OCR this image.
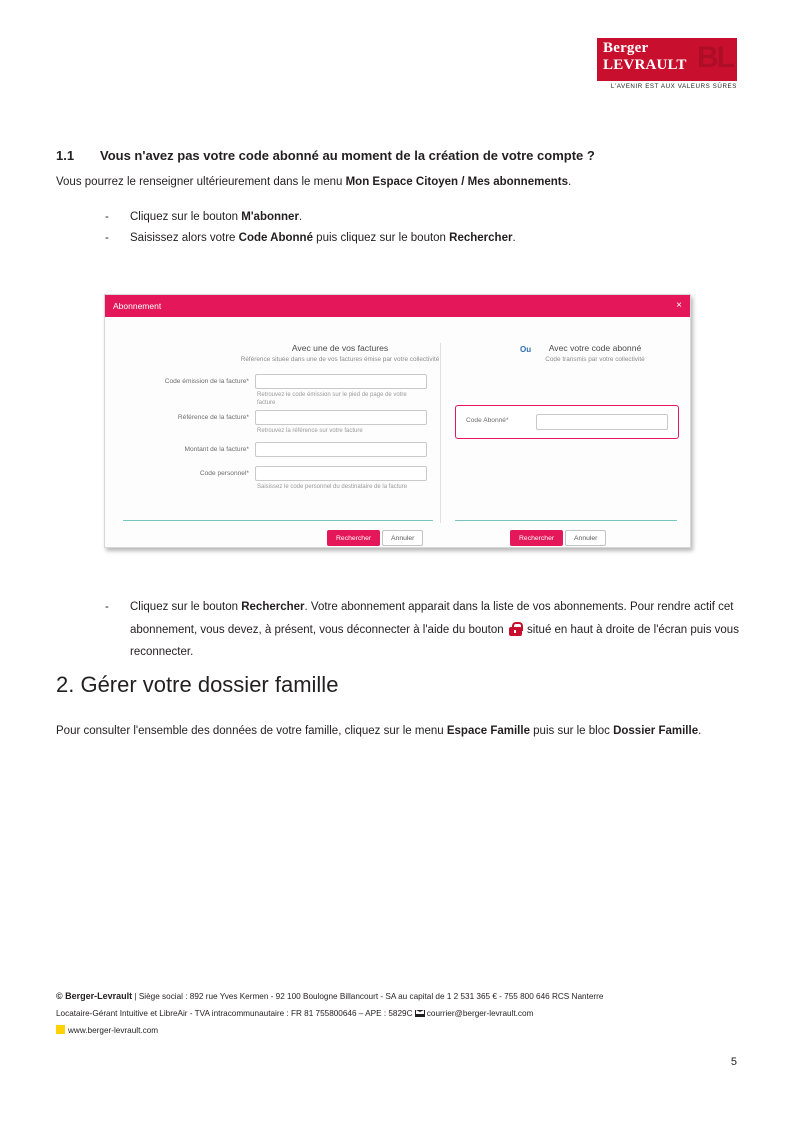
Berger
LEVRAULT BL
L'AVENIR EST AUX VALEURS SÛRES
1.1 Vous n'avez pas votre code abonné au moment de la création de votre compte ?
Vous pourrez le renseigner ultérieurement dans le menu Mon Espace Citoyen / Mes abonnements.
- Cliquez sur le bouton M'abonner.
- Saisissez alors votre Code Abonné puis cliquez sur le bouton Rechercher.
Abonnement	×
Avec une de vos factures
Référence située dans une de vos factures émise par votre collectivité
Ou	Avec votre code abonné
Code transmis par votre collectivité
Code émission de la facture*
Retrouvez le code émission sur le pied de page de votre facture
Référence de la facture*
Retrouvez la référence sur votre facture
Montant de la facture*
Code personnel*
Saisissez le code personnel du destinataire de la facture
Code Abonné*
Rechercher	Annuler	Rechercher	Annuler
- Cliquez sur le bouton Rechercher. Votre abonnement apparait dans la liste de vos abonnements. Pour rendre actif cet abonnement, vous devez, à présent, vous déconnecter à l'aide du bouton
situé en haut à droite de l'écran puis vous reconnecter.
2. Gérer votre dossier famille
Pour consulter l'ensemble des données de votre famille, cliquez sur le menu Espace Famille puis sur le bloc Dossier Famille.
© Berger-Levrault | Siège social : 892 rue Yves Kermen - 92 100 Boulogne Billancourt - SA au capital de 1 2 531 365 € - 755 800 646 RCS Nanterre
Locataire-Gérant Intuitive et LibreAir - TVA intracommunautaire : FR 81 755800646 – APE : 5829C courrier@berger-levrault.com
www.berger-levrault.com
5
